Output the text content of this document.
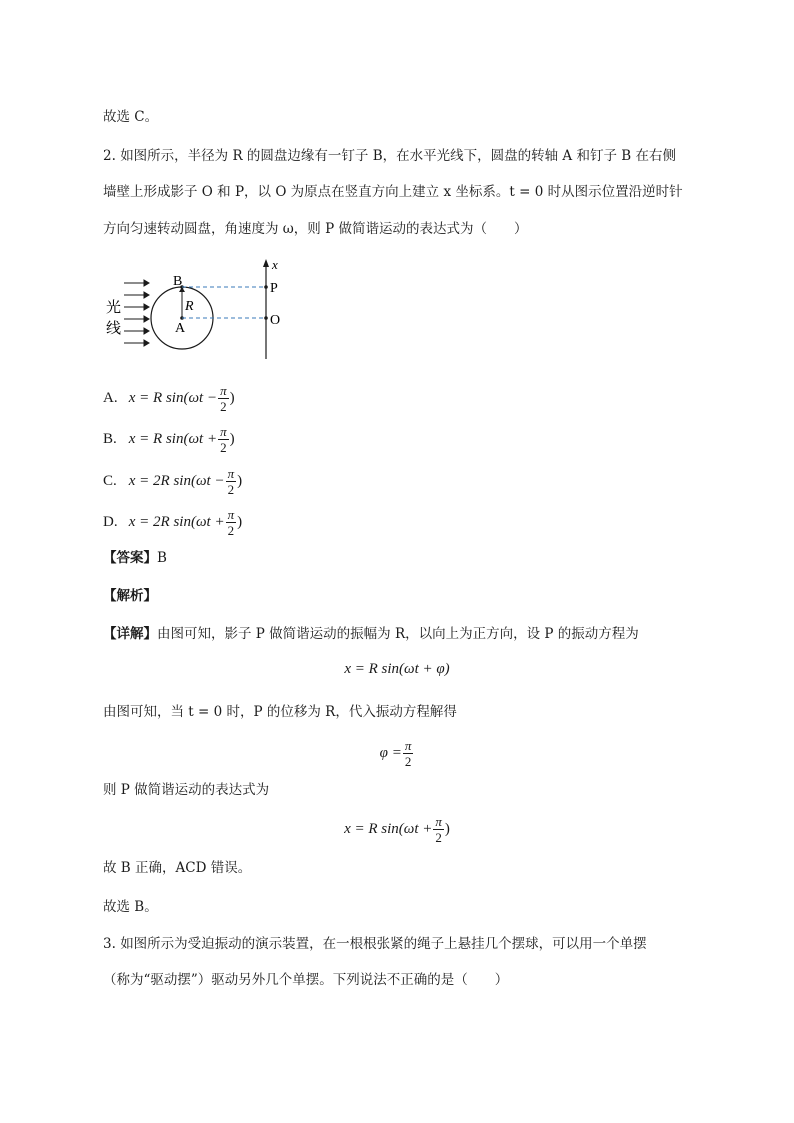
故选 C。
2. 如图所示，半径为 R 的圆盘边缘有一钉子 B，在水平光线下，圆盘的转轴 A 和钉子 B 在右侧
墙壁上形成影子 O 和 P，以 O 为原点在竖直方向上建立 x 坐标系。t = 0 时从图示位置沿逆时针
方向匀速转动圆盘，角速度为 ω，则 P 做简谐运动的表达式为（　　）
光
线
B
R
A
x
P
O
A. x = R $\sin(\omega t - \frac{\pi}{2}$ )
B. x = R $\sin(\omega t + \frac{\pi}{2}$ )
C. x = 2R $\sin(\omega t - \frac{\pi}{2}$ )
D. x = 2R $\sin(\omega t + \frac{\pi}{2}$ )
【答案】B
【解析】
【详解】由图可知，影子 P 做简谐运动的振幅为 R，以向上为正方向，设 P 的振动方程为
x = R sin(ωt + φ)
由图可知，当 t = 0 时，P 的位移为 R，代入振动方程解得
$\varphi = \frac{\pi}{2}$
则 P 做简谐运动的表达式为
x = R $\sin(\omega t + \frac{\pi}{2}$ )
故 B 正确，ACD 错误。
故选 B。
3. 如图所示为受迫振动的演示装置，在一根根张紧的绳子上悬挂几个摆球，可以用一个单摆
（称为“驱动摆”）驱动另外几个单摆。下列说法不正确的是（　　）
